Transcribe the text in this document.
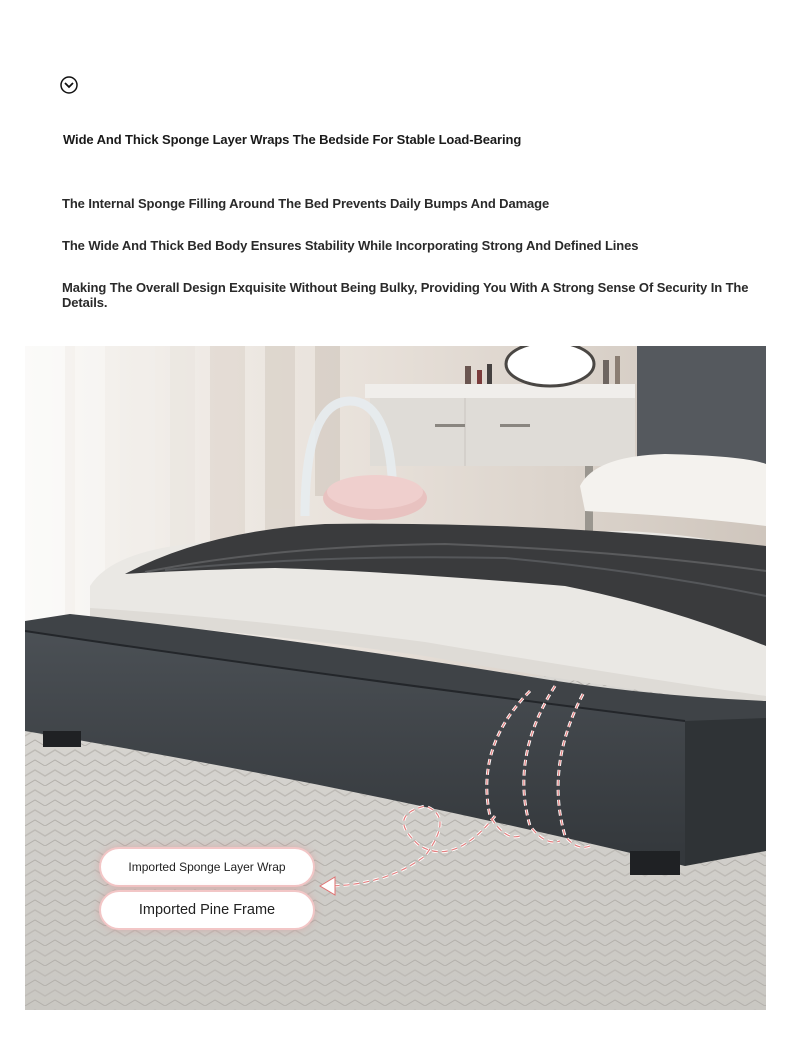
Wide And Thick Sponge Layer Wraps The Bedside For Stable Load-Bearing
The Internal Sponge Filling Around The Bed Prevents Daily Bumps And Damage
The Wide And Thick Bed Body Ensures Stability While Incorporating Strong And Defined Lines
Making The Overall Design Exquisite Without Being Bulky, Providing You With A Strong Sense Of Security In The Details.
Imported Sponge Layer Wrap
Imported Pine Frame
